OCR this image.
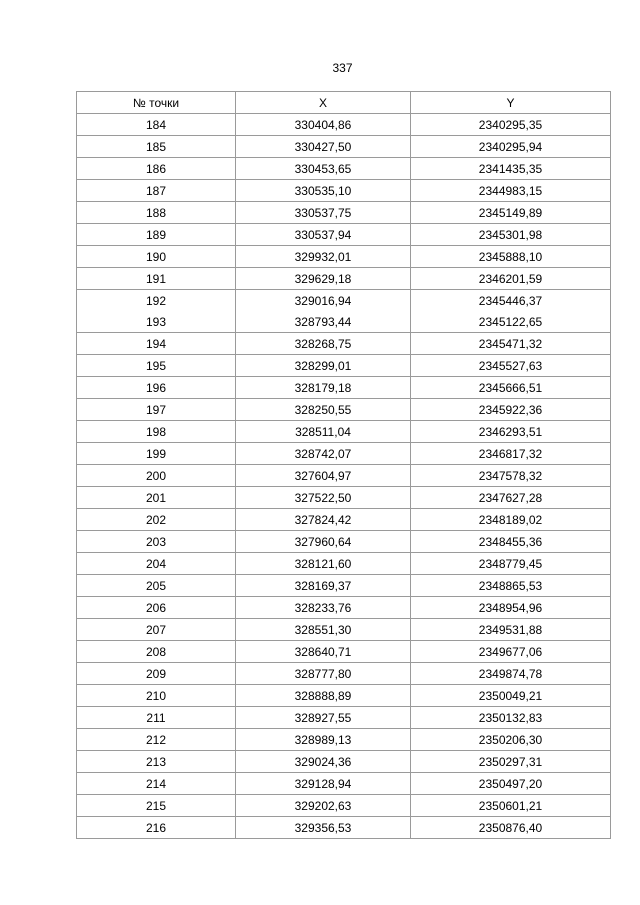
337
№ точки	X	Y
184	330404,86	2340295,35
185	330427,50	2340295,94
186	330453,65	2341435,35
187	330535,10	2344983,15
188	330537,75	2345149,89
189	330537,94	2345301,98
190	329932,01	2345888,10
191	329629,18	2346201,59
192	329016,94	2345446,37
193	328793,44	2345122,65
194	328268,75	2345471,32
195	328299,01	2345527,63
196	328179,18	2345666,51
197	328250,55	2345922,36
198	328511,04	2346293,51
199	328742,07	2346817,32
200	327604,97	2347578,32
201	327522,50	2347627,28
202	327824,42	2348189,02
203	327960,64	2348455,36
204	328121,60	2348779,45
205	328169,37	2348865,53
206	328233,76	2348954,96
207	328551,30	2349531,88
208	328640,71	2349677,06
209	328777,80	2349874,78
210	328888,89	2350049,21
211	328927,55	2350132,83
212	328989,13	2350206,30
213	329024,36	2350297,31
214	329128,94	2350497,20
215	329202,63	2350601,21
216	329356,53	2350876,40
